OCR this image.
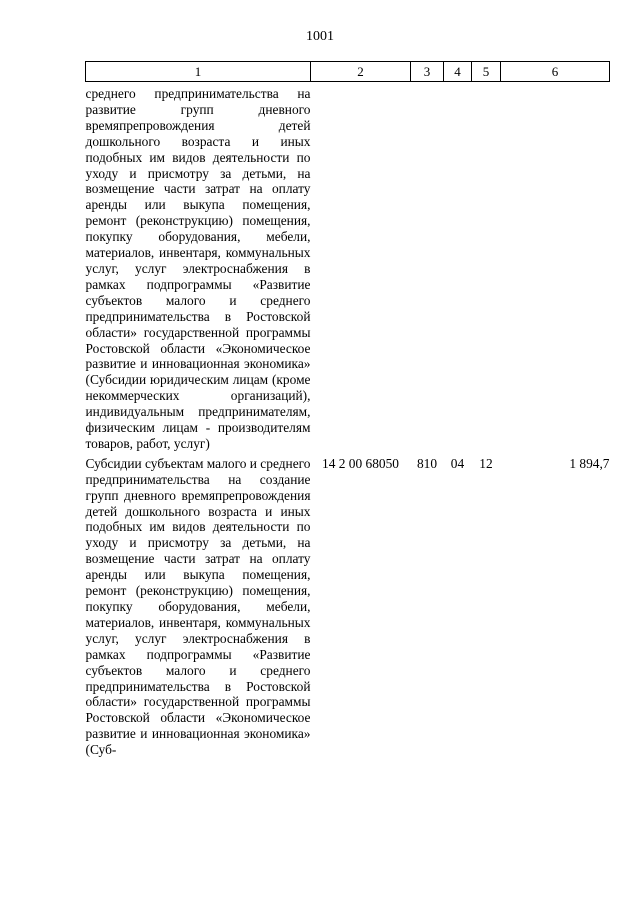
1001
1	2	3	4	5	6
среднего предпринимательства на развитие групп дневного времяпрепровождения детей дошкольного возраста и иных подобных им видов деятельности по уходу и присмотру за детьми, на возмещение части затрат на оплату аренды или выкупа помещения, ремонт (реконструкцию) помещения, покупку оборудования, мебели, материалов, инвентаря, коммунальных услуг, услуг электроснабжения в рамках подпрограммы «Развитие субъектов малого и среднего предпринимательства в Ростовской области» государственной программы Ростовской области «Экономическое развитие и инновационная экономика» (Субсидии юридическим лицам (кроме некоммерческих организаций), индивидуальным предпринимателям, физическим лицам - производителям товаров, работ, услуг)					
Субсидии субъектам малого и среднего предпринимательства на создание групп дневного времяпрепровождения детей дошкольного возраста и иных подобных им видов деятельности по уходу и присмотру за детьми, на возмещение части затрат на оплату аренды или выкупа помещения, ремонт (реконструкцию) помещения, покупку оборудования, мебели, материалов, инвентаря, коммунальных услуг, услуг электроснабжения в рамках подпрограммы «Развитие субъектов малого и среднего предпринимательства в Ростовской области» государственной программы Ростовской области «Экономическое развитие и инновационная экономика» (Суб-	14 2 00 68050	810	04	12	1 894,7
